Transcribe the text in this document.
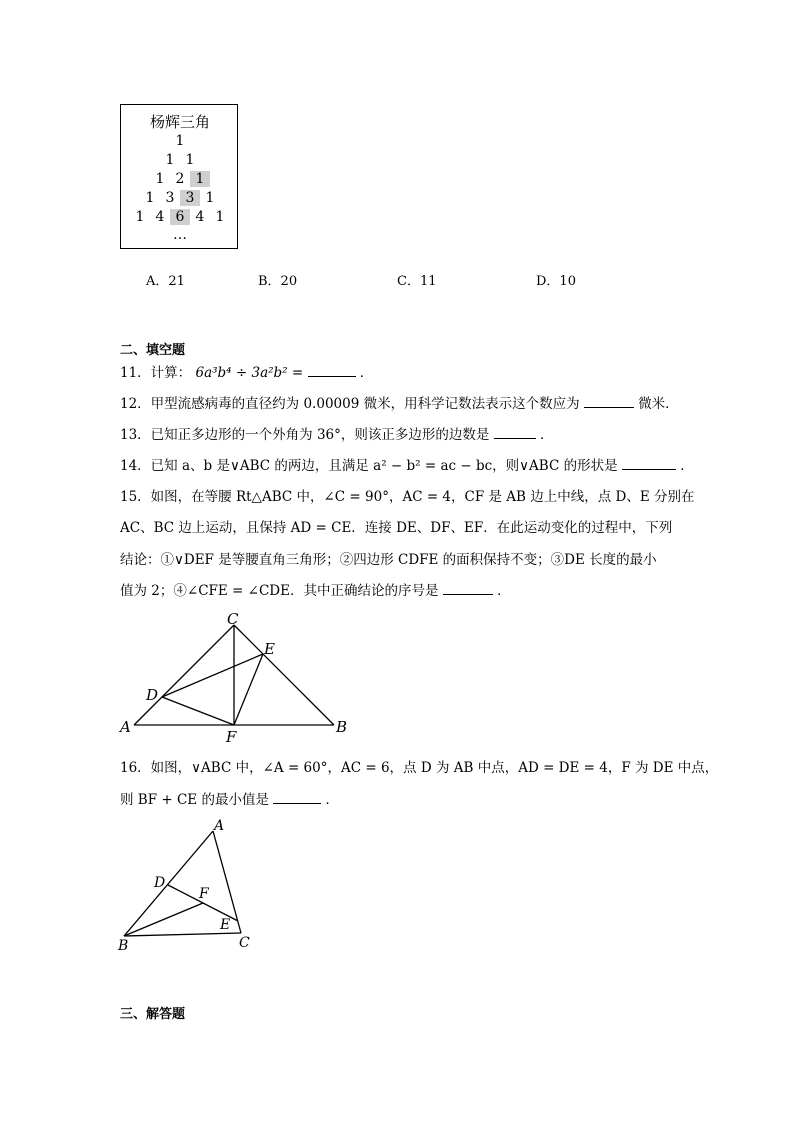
杨辉三角
1
1 1
1 2 1
1 3 3 1
1 4 6 4 1
…
A．21	B．20	C．11	D．10
二、填空题
11．计算： 6a³b⁴ ÷ 3a²b² =	．
12．甲型流感病毒的直径约为 0.00009 微米，用科学记数法表示这个数应为	微米．
13．已知正多边形的一个外角为 36°，则该正多边形的边数是	．
14．已知 a、b 是∨ABC 的两边，且满足 a² − b² = ac − bc，则∨ABC 的形状是	．
15．如图，在等腰 Rt△ABC 中，∠C = 90°，AC = 4，CF 是 AB 边上中线，点 D、E 分别在
AC、BC 边上运动，且保持 AD = CE．连接 DE、DF、EF．在此运动变化的过程中，下列
结论：①∨DEF 是等腰直角三角形；②四边形 CDFE 的面积保持不变；③DE 长度的最小
值为 2；④∠CFE = ∠CDE．其中正确结论的序号是	．
C
E
D
A	B
F
16．如图，∨ABC 中，∠A = 60°，AC = 6，点 D 为 AB 中点，AD = DE = 4，F 为 DE 中点，
则 BF + CE 的最小值是	．
A
D
F
E
B	C
三、解答题
